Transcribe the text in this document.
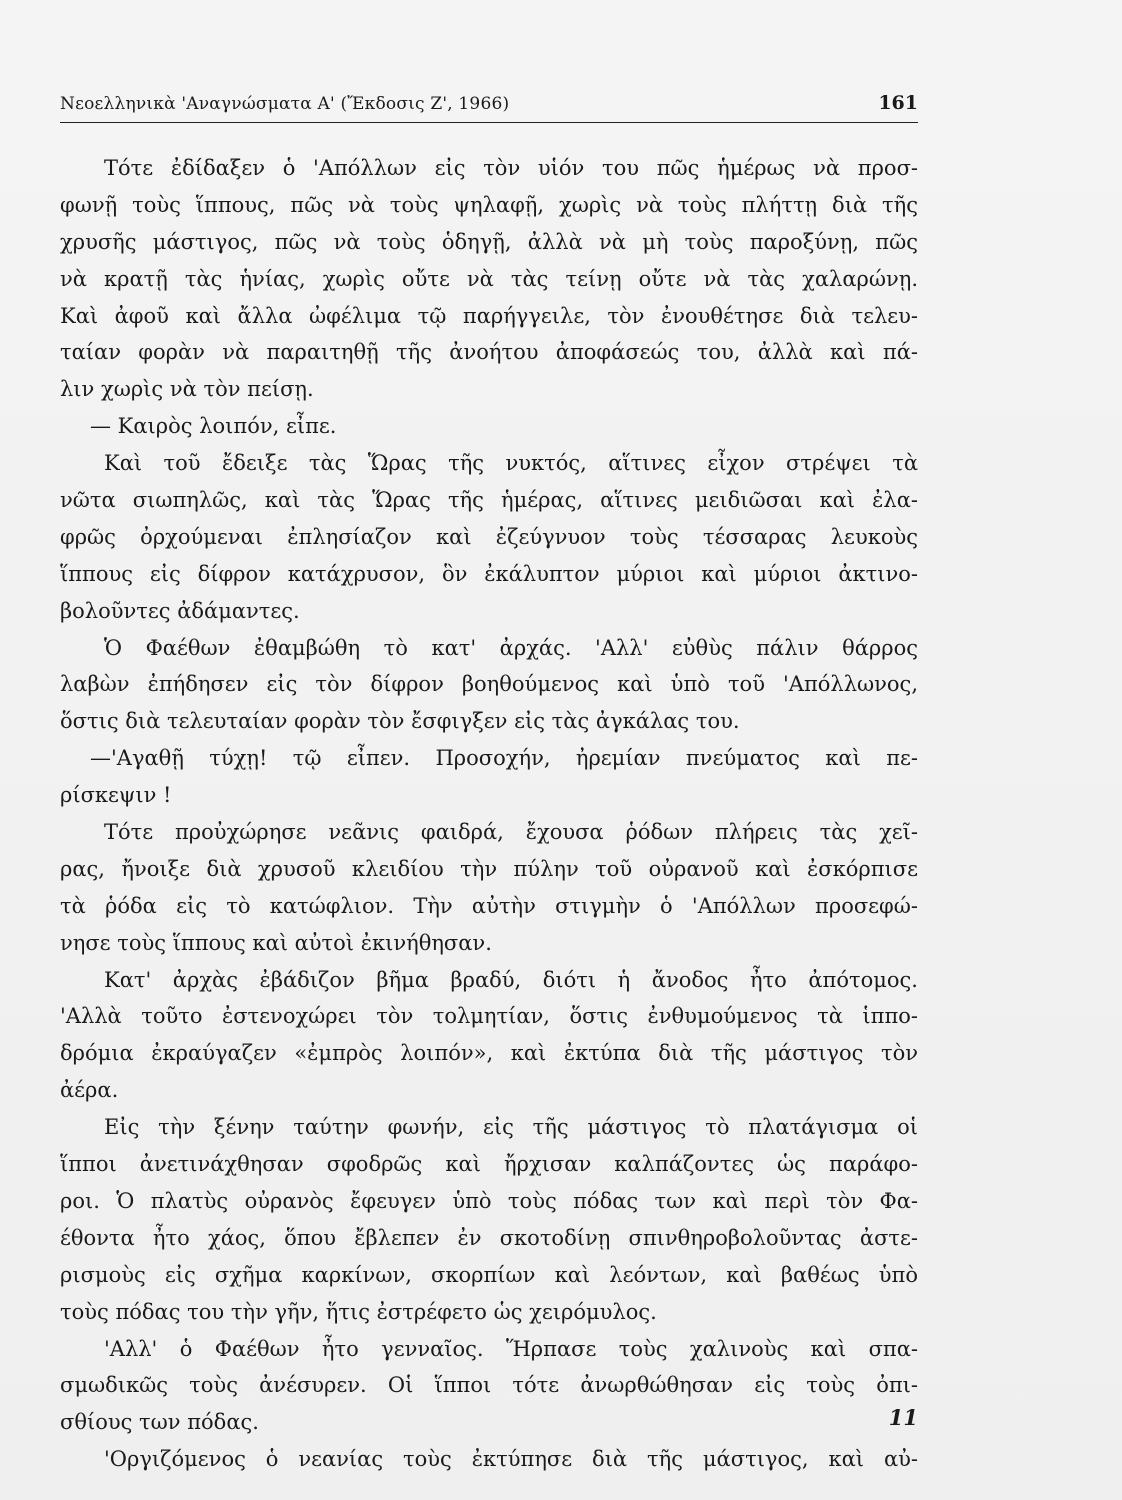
Νεοελληνικὰ 'Αναγνώσματα Α' (Ἔκδοσις Ζ', 1966)	161
Τότε ἐδίδαξεν ὁ 'Απόλλων εἰς τὸν υἱόν του πῶς ἡμέρως νὰ προσ-
φωνῇ τοὺς ἵππους, πῶς νὰ τοὺς ψηλαφῇ, χωρὶς νὰ τοὺς πλήττῃ διὰ τῆς
χρυσῆς μάστιγος, πῶς νὰ τοὺς ὁδηγῇ, ἀλλὰ νὰ μὴ τοὺς παροξύνῃ, πῶς
νὰ κρατῇ τὰς ἡνίας, χωρὶς οὔτε νὰ τὰς τείνῃ οὔτε νὰ τὰς χαλαρώνῃ.
Καὶ ἀφοῦ καὶ ἄλλα ὠφέλιμα τῷ παρήγγειλε, τὸν ἐνουθέτησε διὰ τελευ-
ταίαν φορὰν νὰ παραιτηθῇ τῆς ἀνοήτου ἀποφάσεώς του, ἀλλὰ καὶ πά-
λιν χωρὶς νὰ τὸν πείσῃ.
— Καιρὸς λοιπόν, εἶπε.
Καὶ τοῦ ἔδειξε τὰς Ὥρας τῆς νυκτός, αἵτινες εἶχον στρέψει τὰ
νῶτα σιωπηλῶς, καὶ τὰς Ὥρας τῆς ἡμέρας, αἵτινες μειδιῶσαι καὶ ἐλα-
φρῶς ὀρχούμεναι ἐπλησίαζον καὶ ἐζεύγνυον τοὺς τέσσαρας λευκοὺς
ἵππους εἰς δίφρον κατάχρυσον, ὃν ἐκάλυπτον μύριοι καὶ μύριοι ἀκτινο-
βολοῦντες ἀδάμαντες.
Ὁ Φαέθων ἐθαμβώθη τὸ κατ' ἀρχάς. 'Αλλ' εὐθὺς πάλιν θάρρος
λαβὼν ἐπήδησεν εἰς τὸν δίφρον βοηθούμενος καὶ ὑπὸ τοῦ 'Απόλλωνος,
ὅστις διὰ τελευταίαν φορὰν τὸν ἔσφιγξεν εἰς τὰς ἀγκάλας του.
—'Αγαθῇ τύχῃ! τῷ εἶπεν. Προσοχήν, ἠρεμίαν πνεύματος καὶ πε-
ρίσκεψιν !
Τότε προὐχώρησε νεᾶνις φαιδρά, ἔχουσα ῥόδων πλήρεις τὰς χεῖ-
ρας, ἤνοιξε διὰ χρυσοῦ κλειδίου τὴν πύλην τοῦ οὐρανοῦ καὶ ἐσκόρπισε
τὰ ῥόδα εἰς τὸ κατώφλιον. Τὴν αὐτὴν στιγμὴν ὁ 'Απόλλων προσεφώ-
νησε τοὺς ἵππους καὶ αὐτοὶ ἐκινήθησαν.
Κατ' ἀρχὰς ἐβάδιζον βῆμα βραδύ, διότι ἡ ἄνοδος ἦτο ἀπότομος.
'Αλλὰ τοῦτο ἐστενοχώρει τὸν τολμητίαν, ὅστις ἐνθυμούμενος τὰ ἱππο-
δρόμια ἐκραύγαζεν «ἐμπρὸς λοιπόν», καὶ ἐκτύπα διὰ τῆς μάστιγος τὸν
ἀέρα.
Εἰς τὴν ξένην ταύτην φωνήν, εἰς τῆς μάστιγος τὸ πλατάγισμα οἱ
ἵπποι ἀνετινάχθησαν σφοδρῶς καὶ ἤρχισαν καλπάζοντες ὡς παράφο-
ροι. Ὁ πλατὺς οὐρανὸς ἔφευγεν ὑπὸ τοὺς πόδας των καὶ περὶ τὸν Φα-
έθοντα ἦτο χάος, ὅπου ἔβλεπεν ἐν σκοτοδίνῃ σπινθηροβολοῦντας ἀστε-
ρισμοὺς εἰς σχῆμα καρκίνων, σκορπίων καὶ λεόντων, καὶ βαθέως ὑπὸ
τοὺς πόδας του τὴν γῆν, ἥτις ἐστρέφετο ὡς χειρόμυλος.
'Αλλ' ὁ Φαέθων ἦτο γενναῖος. Ἥρπασε τοὺς χαλινοὺς καὶ σπα-
σμωδικῶς τοὺς ἀνέσυρεν. Οἱ ἵπποι τότε ἀνωρθώθησαν εἰς τοὺς ὀπι-
σθίους των πόδας.
'Οργιζόμενος ὁ νεανίας τοὺς ἐκτύπησε διὰ τῆς μάστιγος, καὶ αὐ-
11
